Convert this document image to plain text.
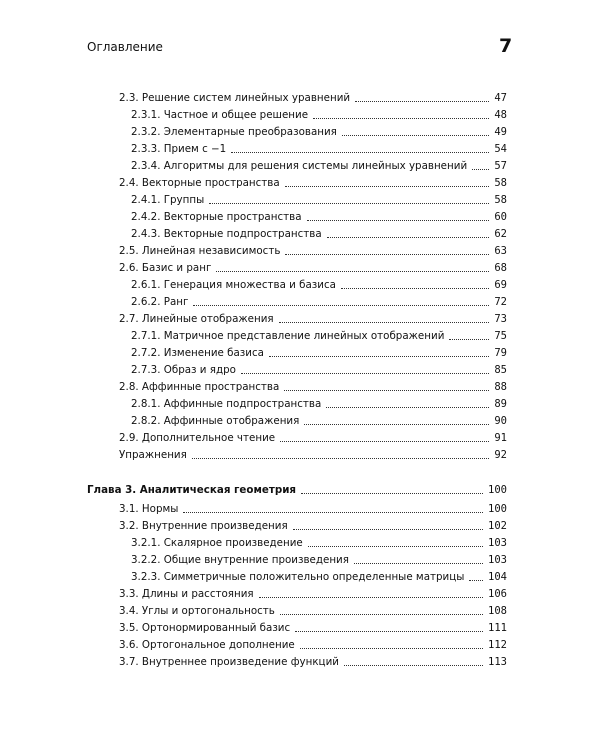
Оглавление	7
2.3. Решение систем линейных уравнений	47
2.3.1. Частное и общее решение	48
2.3.2. Элементарные преобразования	49
2.3.3. Прием с −1	54
2.3.4. Алгоритмы для решения системы линейных уравнений	57
2.4. Векторные пространства	58
2.4.1. Группы	58
2.4.2. Векторные пространства	60
2.4.3. Векторные подпространства	62
2.5. Линейная независимость	63
2.6. Базис и ранг	68
2.6.1. Генерация множества и базиса	69
2.6.2. Ранг	72
2.7. Линейные отображения	73
2.7.1. Матричное представление линейных отображений	75
2.7.2. Изменение базиса	79
2.7.3. Образ и ядро	85
2.8. Аффинные пространства	88
2.8.1. Аффинные подпространства	89
2.8.2. Аффинные отображения	90
2.9. Дополнительное чтение	91
Упражнения	92
Глава 3. Аналитическая геометрия	100
3.1. Нормы	100
3.2. Внутренние произведения	102
3.2.1. Скалярное произведение	103
3.2.2. Общие внутренние произведения	103
3.2.3. Симметричные положительно определенные матрицы 104
3.3. Длины и расстояния	106
3.4. Углы и ортогональность	108
3.5. Ортонормированный базис	111
3.6. Ортогональное дополнение	112
3.7. Внутреннее произведение функций	113
